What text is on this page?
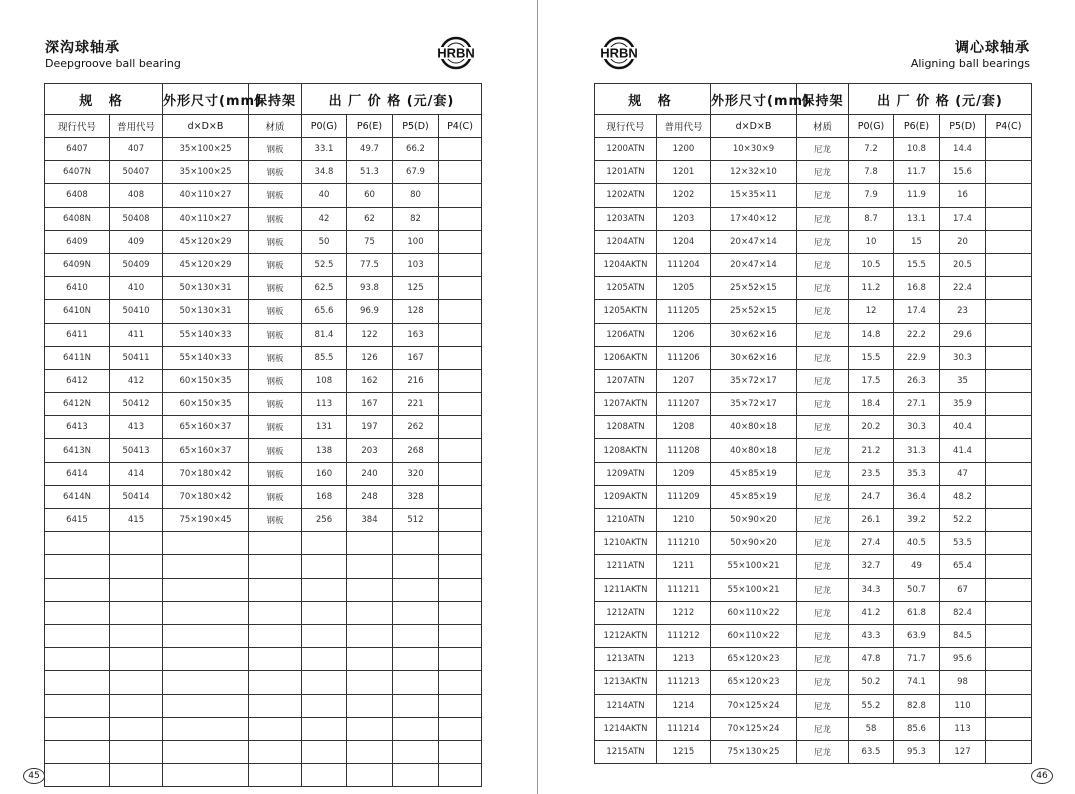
深沟球轴承
Deepgroove ball bearing
HRBN
规 格		外形尺寸(mm)	保持架	出 厂 价 格 (元/套)			
现行代号	普用代号	d×D×B	材质	P0(G)	P6(E)	P5(D)	P4(C)
6407	407	35×100×25	钢板	33.1	49.7	66.2	
6407N	50407	35×100×25	钢板	34.8	51.3	67.9	
6408	408	40×110×27	钢板	40	60	80	
6408N	50408	40×110×27	钢板	42	62	82	
6409	409	45×120×29	钢板	50	75	100	
6409N	50409	45×120×29	钢板	52.5	77.5	103	
6410	410	50×130×31	钢板	62.5	93.8	125	
6410N	50410	50×130×31	钢板	65.6	96.9	128	
6411	411	55×140×33	钢板	81.4	122	163	
6411N	50411	55×140×33	钢板	85.5	126	167	
6412	412	60×150×35	钢板	108	162	216	
6412N	50412	60×150×35	钢板	113	167	221	
6413	413	65×160×37	钢板	131	197	262	
6413N	50413	65×160×37	钢板	138	203	268	
6414	414	70×180×42	钢板	160	240	320	
6414N	50414	70×180×42	钢板	168	248	328	
6415	415	75×190×45	钢板	256	384	512	

45
HRBN	调心球轴承
Aligning ball bearings
规 格		外形尺寸(mm)	保持架	出 厂 价 格 (元/套)			
现行代号	普用代号	d×D×B	材质	P0(G)	P6(E)	P5(D)	P4(C)
1200ATN	1200	10×30×9	尼龙	7.2	10.8	14.4	
1201ATN	1201	12×32×10	尼龙	7.8	11.7	15.6	
1202ATN	1202	15×35×11	尼龙	7.9	11.9	16	
1203ATN	1203	17×40×12	尼龙	8.7	13.1	17.4	
1204ATN	1204	20×47×14	尼龙	10	15	20	
1204AKTN	111204	20×47×14	尼龙	10.5	15.5	20.5	
1205ATN	1205	25×52×15	尼龙	11.2	16.8	22.4	
1205AKTN	111205	25×52×15	尼龙	12	17.4	23	
1206ATN	1206	30×62×16	尼龙	14.8	22.2	29.6	
1206AKTN	111206	30×62×16	尼龙	15.5	22.9	30.3	
1207ATN	1207	35×72×17	尼龙	17.5	26.3	35	
1207AKTN	111207	35×72×17	尼龙	18.4	27.1	35.9	
1208ATN	1208	40×80×18	尼龙	20.2	30.3	40.4	
1208AKTN	111208	40×80×18	尼龙	21.2	31.3	41.4	
1209ATN	1209	45×85×19	尼龙	23.5	35.3	47	
1209AKTN	111209	45×85×19	尼龙	24.7	36.4	48.2	
1210ATN	1210	50×90×20	尼龙	26.1	39.2	52.2	
1210AKTN	111210	50×90×20	尼龙	27.4	40.5	53.5	
1211ATN	1211	55×100×21	尼龙	32.7	49	65.4	
1211AKTN	111211	55×100×21	尼龙	34.3	50.7	67	
1212ATN	1212	60×110×22	尼龙	41.2	61.8	82.4	
1212AKTN	111212	60×110×22	尼龙	43.3	63.9	84.5	
1213ATN	1213	65×120×23	尼龙	47.8	71.7	95.6	
1213AKTN	111213	65×120×23	尼龙	50.2	74.1	98	
1214ATN	1214	70×125×24	尼龙	55.2	82.8	110	
1214AKTN	111214	70×125×24	尼龙	58	85.6	113	
1215ATN	1215	75×130×25	尼龙	63.5	95.3	127	
46
